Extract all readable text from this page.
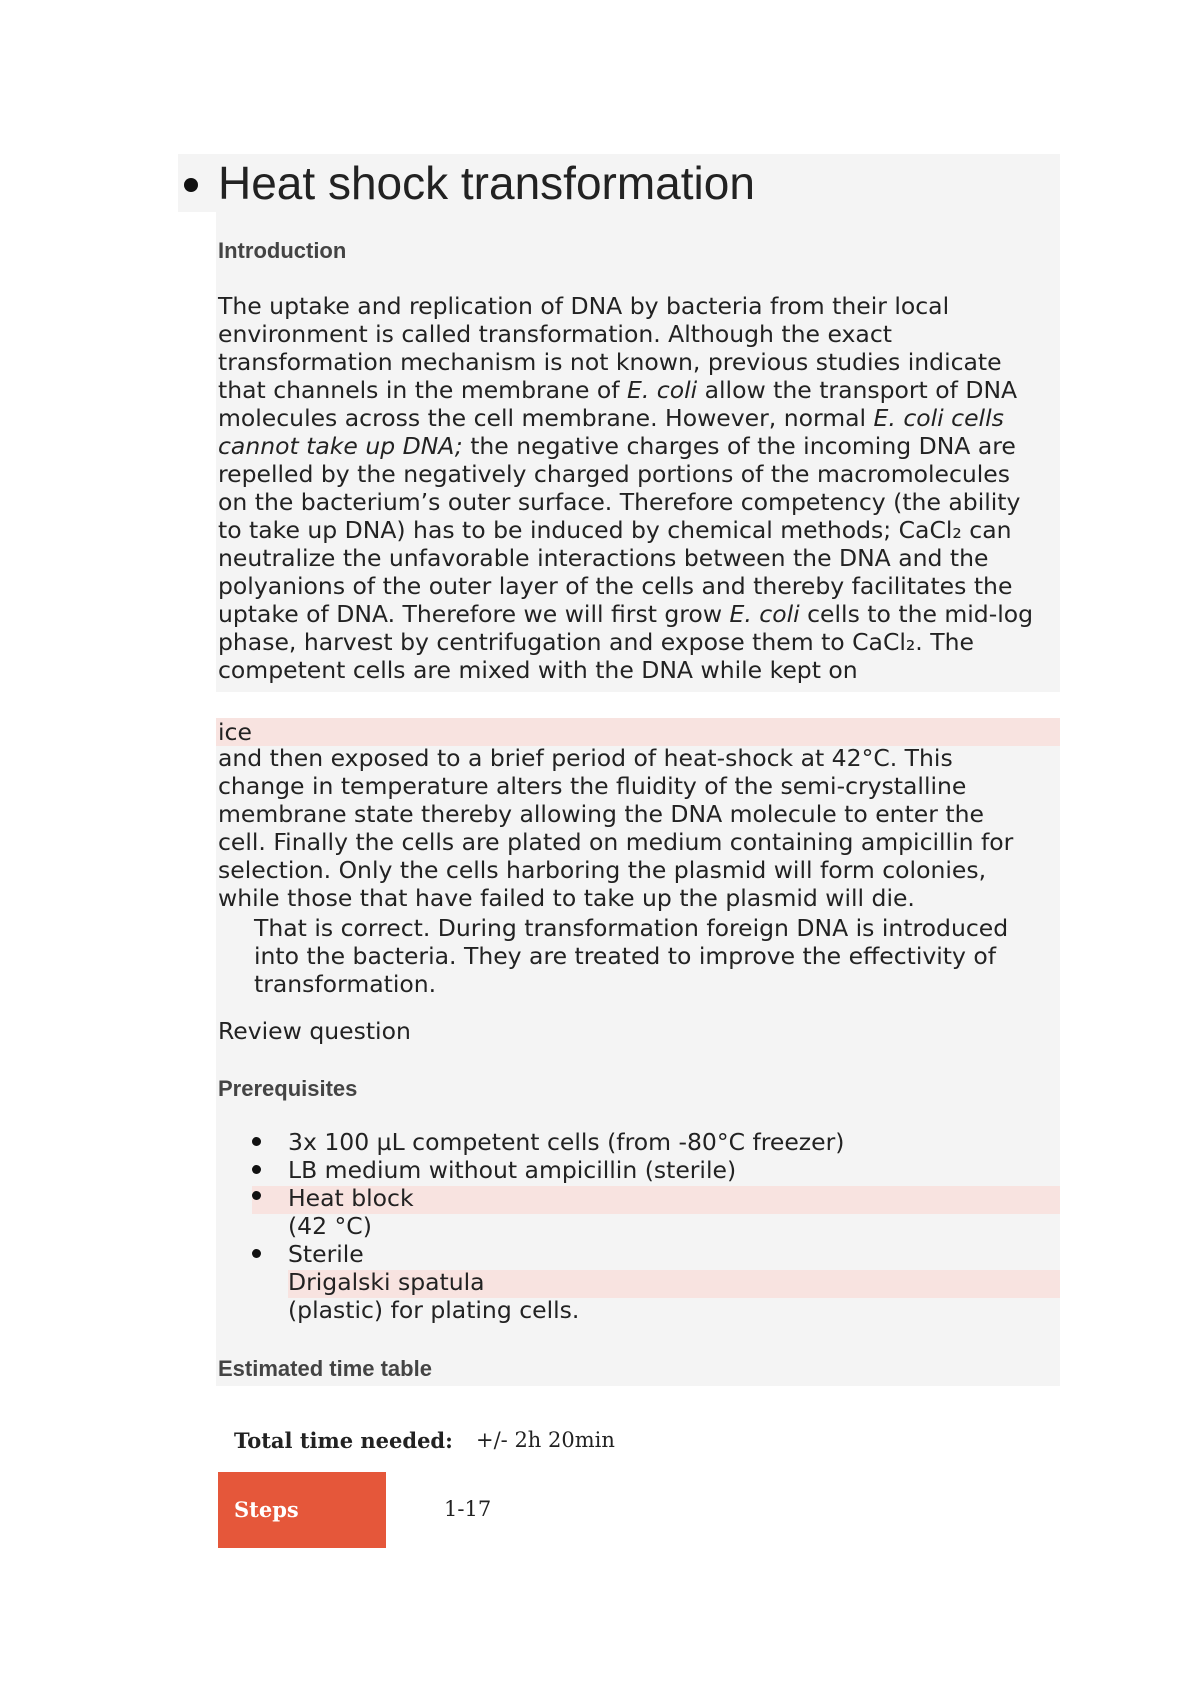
Heat shock transformation
Introduction
The uptake and replication of DNA by bacteria from their local
environment is called transformation. Although the exact
transformation mechanism is not known, previous studies indicate
that channels in the membrane of E. coli allow the transport of DNA
molecules across the cell membrane. However, normal E. coli cells
cannot take up DNA; the negative charges of the incoming DNA are
repelled by the negatively charged portions of the macromolecules
on the bacterium’s outer surface. Therefore competency (the ability
to take up DNA) has to be induced by chemical methods; CaCl₂ can
neutralize the unfavorable interactions between the DNA and the
polyanions of the outer layer of the cells and thereby facilitates the
uptake of DNA. Therefore we will first grow E. coli cells to the mid-log
phase, harvest by centrifugation and expose them to CaCl₂. The
competent cells are mixed with the DNA while kept on
ice
and then exposed to a brief period of heat-shock at 42°C. This
change in temperature alters the fluidity of the semi-crystalline
membrane state thereby allowing the DNA molecule to enter the
cell. Finally the cells are plated on medium containing ampicillin for
selection. Only the cells harboring the plasmid will form colonies,
while those that have failed to take up the plasmid will die.
That is correct. During transformation foreign DNA is introduced
into the bacteria. They are treated to improve the effectivity of
transformation.
Review question
Prerequisites
3x 100 µL competent cells (from -80°C freezer)
LB medium without ampicillin (sterile)
Heat block
(42 °C)
Sterile
Drigalski spatula
(plastic) for plating cells.
Estimated time table
Total time needed: +/- 2h 20min
Steps	1-17
